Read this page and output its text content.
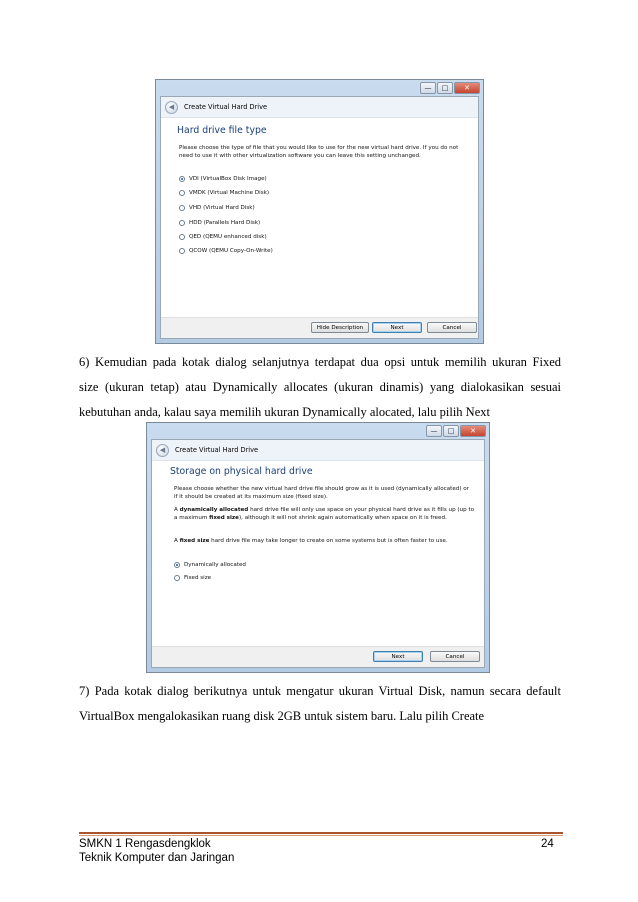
—	□	✕
◀	Create Virtual Hard Drive
Hard drive file type

Please choose the type of file that you would like to use for the new virtual hard drive. If you do not need to use it with other virtualization software you can leave this setting unchanged.

VDI (VirtualBox Disk Image)
VMDK (Virtual Machine Disk)
VHD (Virtual Hard Disk)
HDD (Parallels Hard Disk)
QED (QEMU enhanced disk)
QCOW (QEMU Copy-On-Write)
Hide Description	Next	Cancel

6) Kemudian pada kotak dialog selanjutnya terdapat dua opsi untuk memilih ukuran Fixed
size (ukuran tetap) atau Dynamically allocates (ukuran dinamis) yang dialokasikan sesuai
kebutuhan anda, kalau saya memilih ukuran Dynamically alocated, lalu pilih Next

—	□	✕
◀	Create Virtual Hard Drive
Storage on physical hard drive

Please choose whether the new virtual hard drive file should grow as it is used (dynamically allocated) or if it should be created at its maximum size (fixed size).

A dynamically allocated hard drive file will only use space on your physical hard drive as it fills up (up to a maximum fixed size), although it will not shrink again automatically when space on it is freed.

A fixed size hard drive file may take longer to create on some systems but is often faster to use.

Dynamically allocated
Fixed size
Next	Cancel

7) Pada kotak dialog berikutnya untuk mengatur ukuran Virtual Disk, namun secara default
VirtualBox mengalokasikan ruang disk 2GB untuk sistem baru. Lalu pilih Create

SMKN 1 Rengasdengklok
Teknik Komputer dan Jaringan
24
